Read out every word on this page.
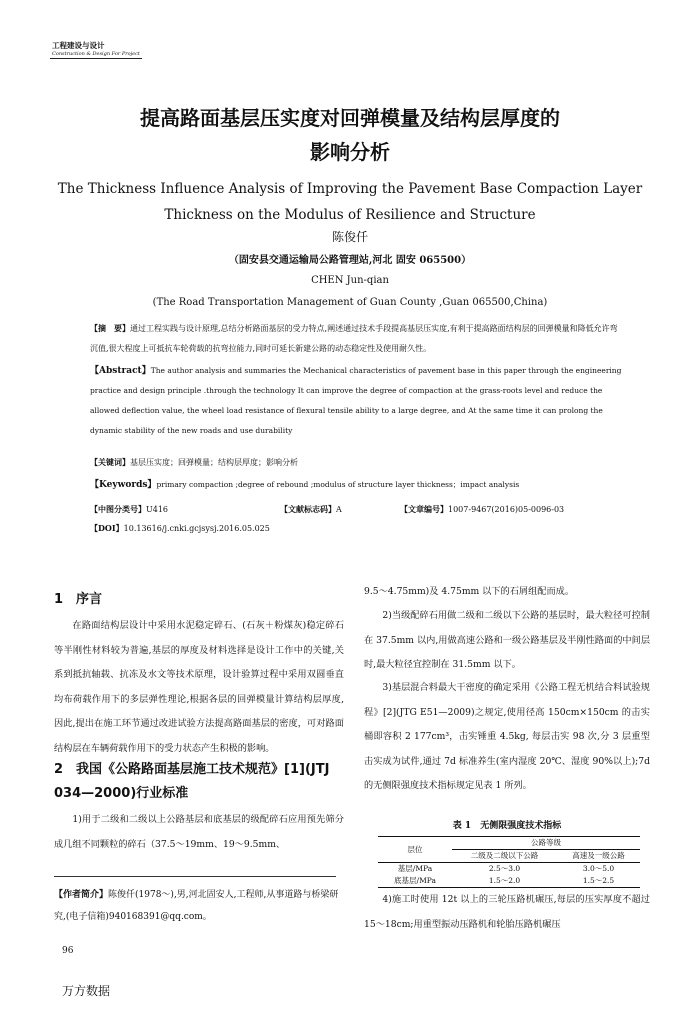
工程建设与设计
Construction & Design For Project
提高路面基层压实度对回弹模量及结构层厚度的
影响分析
The Thickness Influence Analysis of Improving the Pavement Base Compaction Layer
Thickness on the Modulus of Resilience and Structure
陈俊仟
（固安县交通运输局公路管理站,河北 固安 065500）
CHEN Jun-qian
(The Road Transportation Management of Guan County ,Guan 065500,China)
【摘　要】通过工程实践与设计原理,总结分析路面基层的受力特点,阐述通过技术手段提高基层压实度,有利于提高路面结构层的回弹模量和降低允许弯沉值,很大程度上可抵抗车轮荷载的抗弯拉能力,同时可延长新建公路的动态稳定性及使用耐久性。
【Abstract】The author analysis and summaries the Mechanical characteristics of pavement base in this paper through the engineering practice and design principle .through the technology It can improve the degree of compaction at the grass-roots level and reduce the allowed deflection value, the wheel load resistance of flexural tensile ability to a large degree, and At the same time it can prolong the dynamic stability of the new roads and use durability
【关键词】基层压实度；回弹模量；结构层厚度；影响分析
【Keywords】primary compaction ;degree of rebound ;modulus of structure layer thickness；impact analysis
【中图分类号】U416	【文献标志码】A	【文章编号】1007-9467(2016)05-0096-03
【DOI】10.13616/j.cnki.gcjsysj.2016.05.025
1　序言
在路面结构层设计中采用水泥稳定碎石、(石灰＋粉煤灰)稳定碎石等半刚性材料较为普遍,基层的厚度及材料选择是设计工作中的关键,关系到抵抗轴载、抗冻及水文等技术原理，设计验算过程中采用双圆垂直均布荷载作用下的多层弹性理论,根据各层的回弹模量计算结构层厚度,因此,提出在施工环节通过改进试验方法提高路面基层的密度，可对路面结构层在车辆荷载作用下的受力状态产生积极的影响。
2　我国《公路路面基层施工技术规范》[1](JTJ 034—2000)行业标准
1)用于二级和二级以上公路基层和底基层的级配碎石应用预先筛分成几组不同颗粒的碎石（37.5～19mm、19～9.5mm、
【作者简介】陈俊仟(1978～),男,河北固安人,工程师,从事道路与桥梁研究,(电子信箱)940168391@qq.com。
9.5～4.75mm)及 4.75mm 以下的石屑组配而成。
2)当级配碎石用做二级和二级以下公路的基层时，最大粒径可控制在 37.5mm 以内,用做高速公路和一级公路基层及半刚性路面的中间层时,最大粒径宜控制在 31.5mm 以下。
3)基层混合料最大干密度的确定采用《公路工程无机结合料试验规程》[2](JTG E51—2009)之规定,使用径高 150cm×150cm 的击实桶即容积 2 177cm³，击实锤重 4.5kg, 每层击实 98 次,分 3 层重型击实成为试件,通过 7d 标准养生(室内湿度 20℃、湿度 90%以上);7d 的无侧限强度技术指标规定见表 1 所列。
表 1　无侧限强度技术指标
层位	公路等级	
	二级及二级以下公路	高速及一级公路
基层/MPa	2.5～3.0	3.0～5.0
底基层/MPa	1.5～2.0	1.5～2.5
4)施工时使用 12t 以上的三轮压路机碾压,每层的压实厚度不超过 15～18cm;用重型振动压路机和轮胎压路机碾压
96
万方数据
